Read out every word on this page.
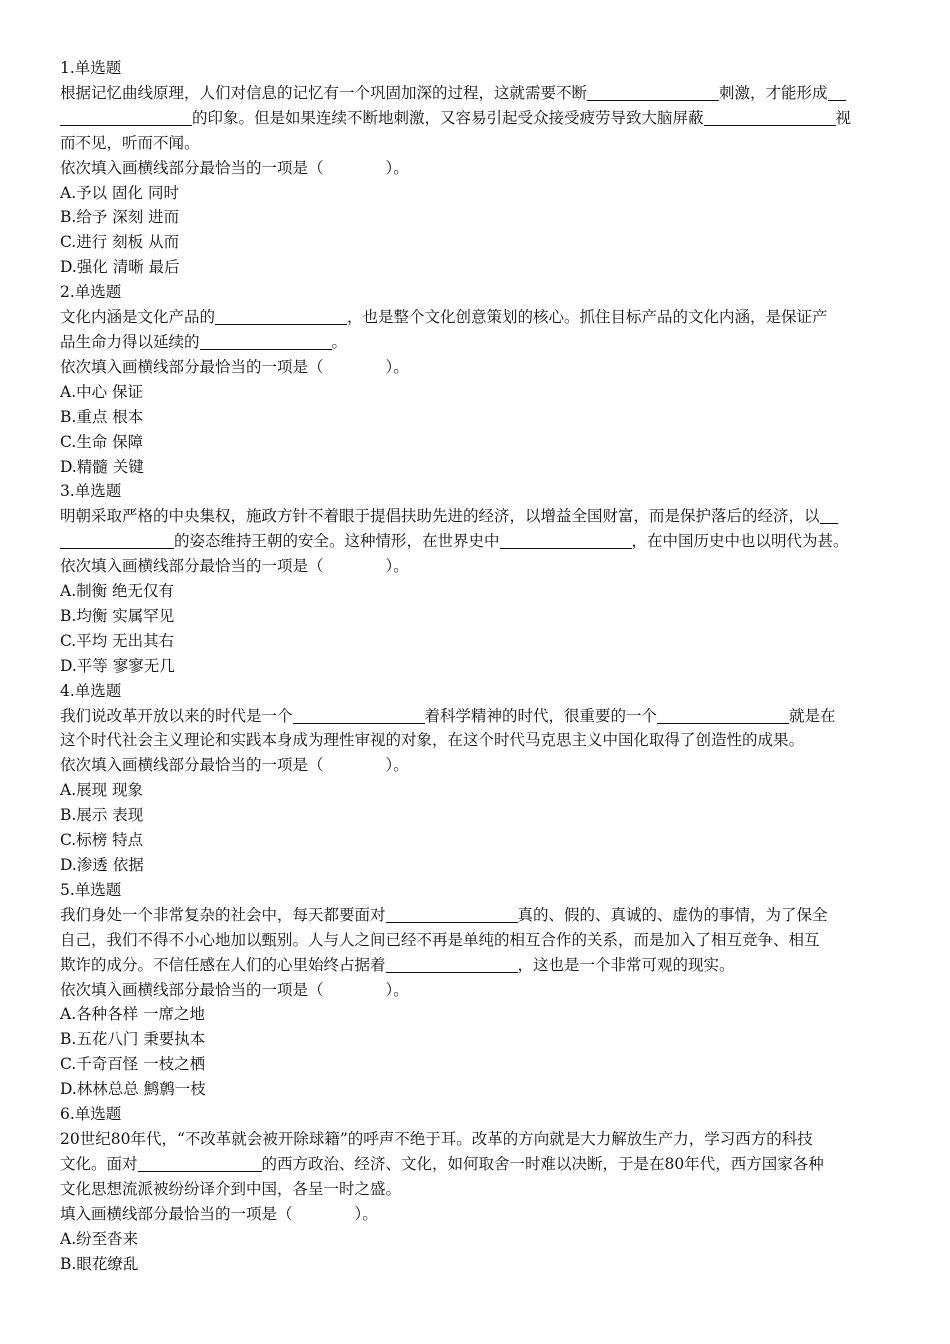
1.单选题
根据记忆曲线原理，人们对信息的记忆有一个巩固加深的过程，这就需要不断	刺激，才能形成
的印象。但是如果连续不断地刺激，又容易引起受众接受疲劳导致大脑屏蔽	视
而不见，听而不闻。
依次填入画横线部分最恰当的一项是（　　　　）。
A.予以 固化 同时
B.给予 深刻 进而
C.进行 刻板 从而
D.强化 清晰 最后
2.单选题
文化内涵是文化产品的	，也是整个文化创意策划的核心。抓住目标产品的文化内涵，是保证产
品生命力得以延续的	。
依次填入画横线部分最恰当的一项是（　　　　）。
A.中心 保证
B.重点 根本
C.生命 保障
D.精髓 关键
3.单选题
明朝采取严格的中央集权，施政方针不着眼于提倡扶助先进的经济，以增益全国财富，而是保护落后的经济，以
的姿态维持王朝的安全。这种情形，在世界史中	，在中国历史中也以明代为甚。
依次填入画横线部分最恰当的一项是（　　　　）。
A.制衡 绝无仅有
B.均衡 实属罕见
C.平均 无出其右
D.平等 寥寥无几
4.单选题
我们说改革开放以来的时代是一个	着科学精神的时代，很重要的一个	就是在
这个时代社会主义理论和实践本身成为理性审视的对象，在这个时代马克思主义中国化取得了创造性的成果。
依次填入画横线部分最恰当的一项是（　　　　）。
A.展现 现象
B.展示 表现
C.标榜 特点
D.渗透 依据
5.单选题
我们身处一个非常复杂的社会中，每天都要面对	真的、假的、真诚的、虚伪的事情，为了保全
自己，我们不得不小心地加以甄别。人与人之间已经不再是单纯的相互合作的关系，而是加入了相互竞争、相互
欺诈的成分。不信任感在人们的心里始终占据着	，这也是一个非常可观的现实。
依次填入画横线部分最恰当的一项是（　　　　）。
A.各种各样 一席之地
B.五花八门 秉要执本
C.千奇百怪 一枝之栖
D.林林总总 鹪鹩一枝
6.单选题
20世纪80年代，“不改革就会被开除球籍”的呼声不绝于耳。改革的方向就是大力解放生产力，学习西方的科技
文化。面对	的西方政治、经济、文化，如何取舍一时难以决断，于是在80年代，西方国家各种
文化思想流派被纷纷译介到中国，各呈一时之盛。
填入画横线部分最恰当的一项是（　　　　）。
A.纷至沓来
B.眼花缭乱
